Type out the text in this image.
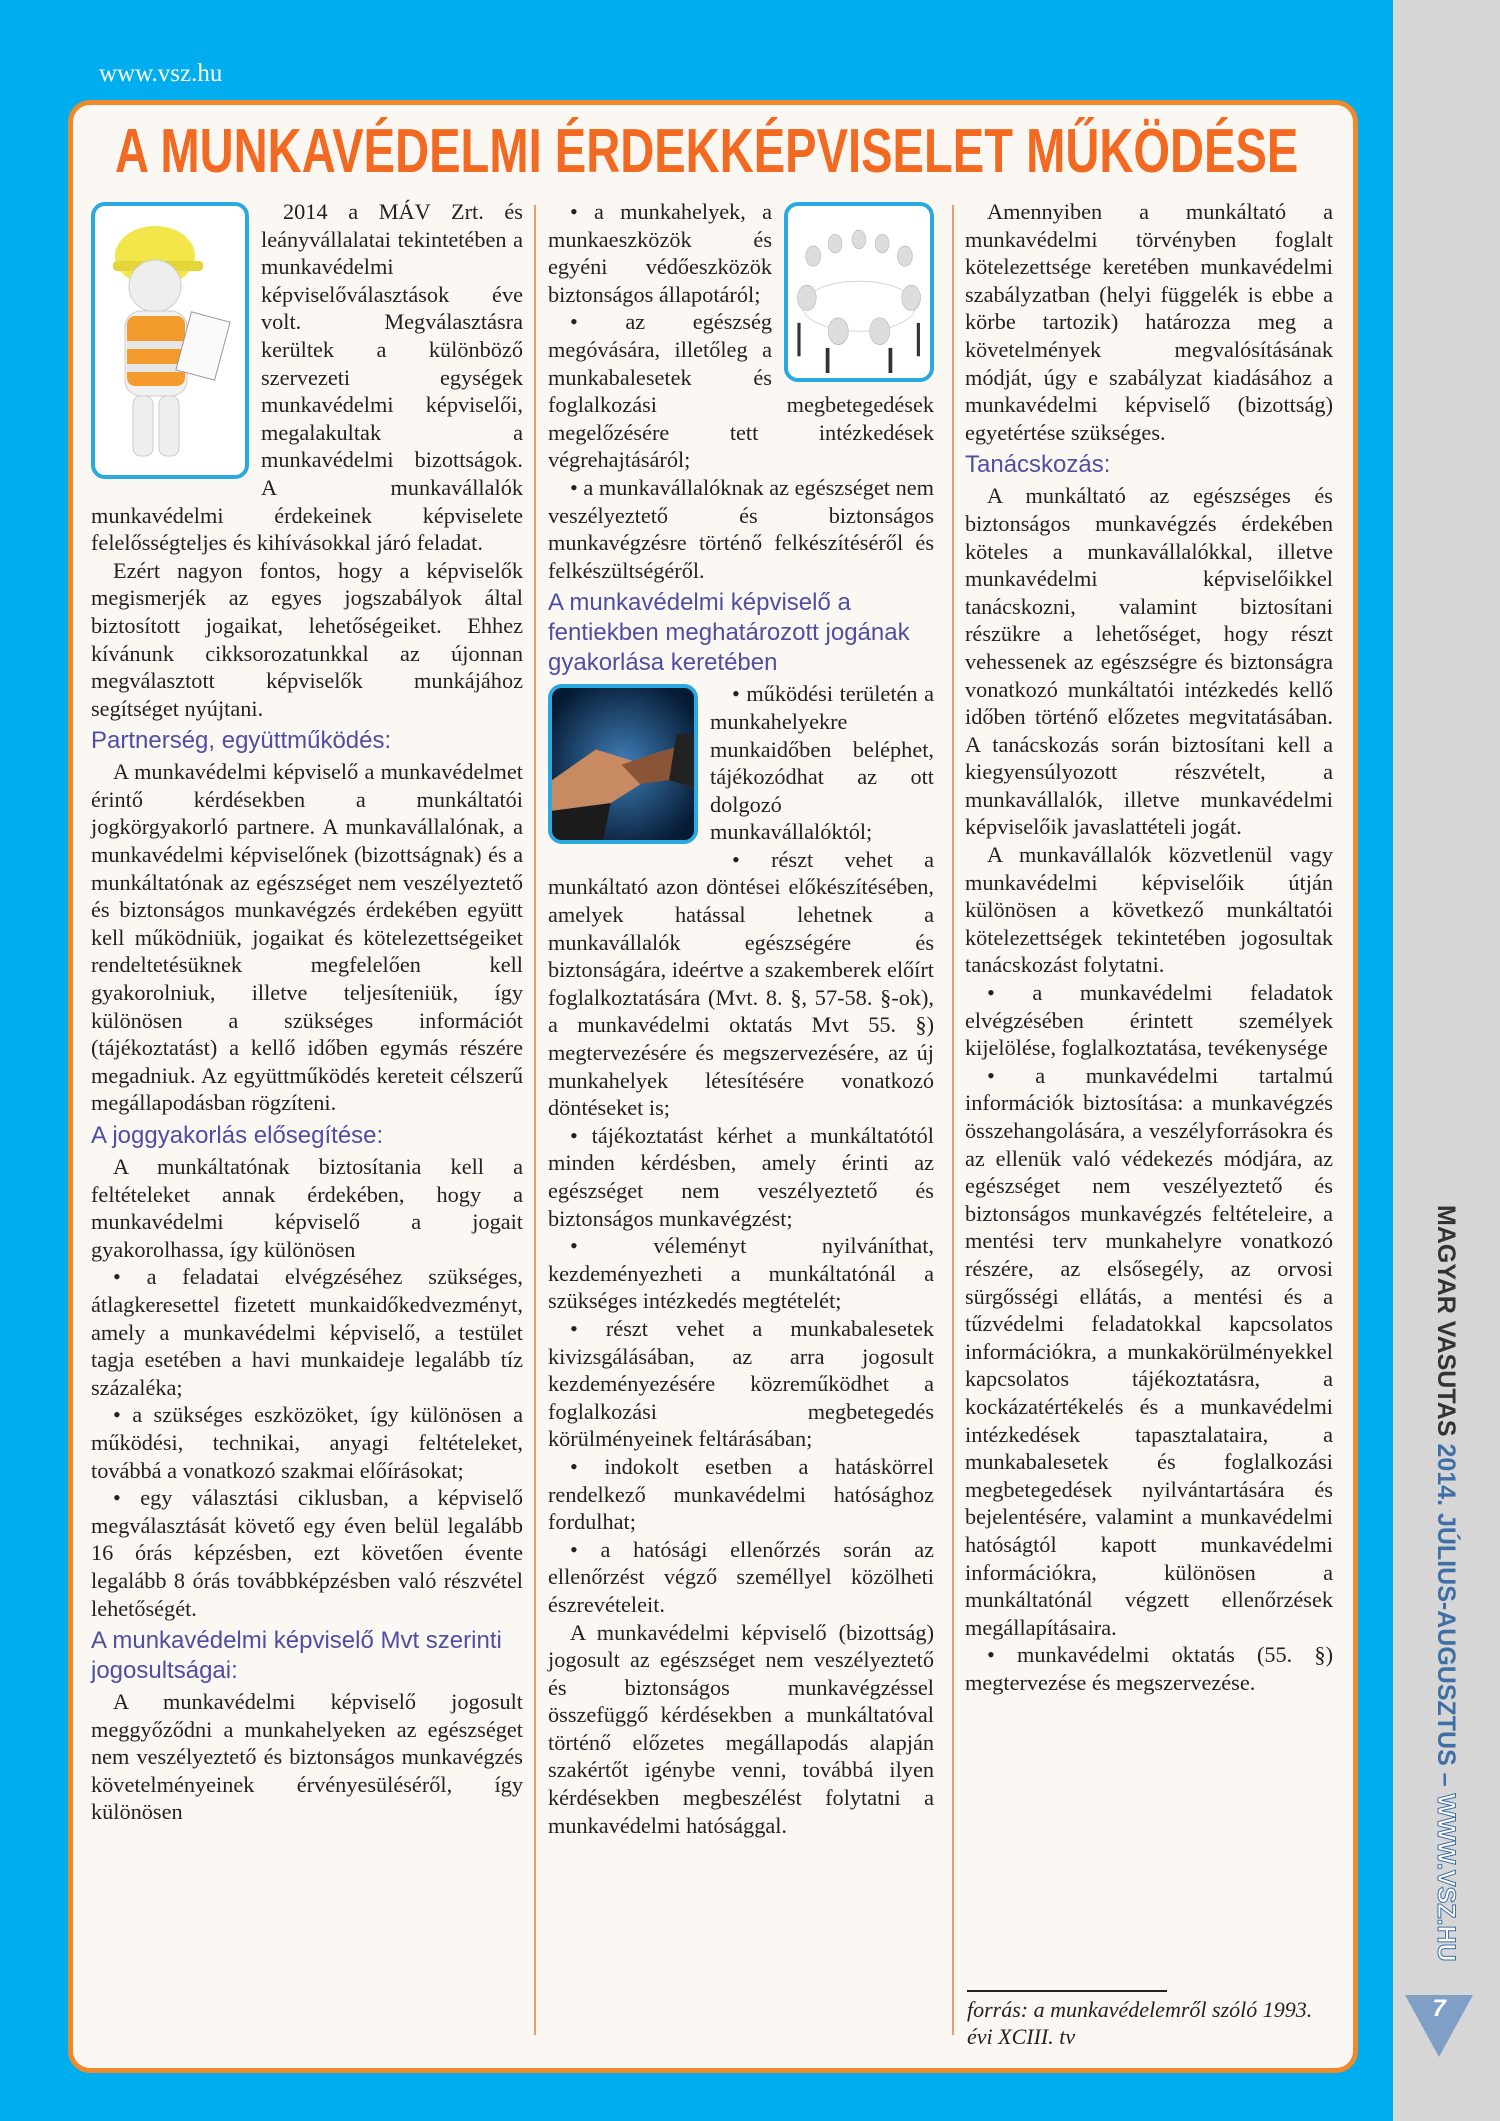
www.vsz.hu
A MUNKAVÉDELMI ÉRDEKKÉPVISELET MŰKÖDÉSE

2014 a MÁV Zrt. és leányvállalatai tekintetében a munkavédelmi képviselőválasztások éve volt. Megválasztásra kerültek a különböző szervezeti egységek munkavédelmi képviselői, megalakultak a munkavédelmi bizottságok. A munkavállalók munkavédelmi érdekeinek képviselete felelősségteljes és kihívásokkal járó feladat.

Ezért nagyon fontos, hogy a képviselők megismerjék az egyes jogszabályok által biztosított jogaikat, lehetőségeiket. Ehhez kívánunk cikksorozatunkkal az újonnan megválasztott képviselők munkájához segítséget nyújtani.

Partnerség, együttműködés:

A munkavédelmi képviselő a munkavédelmet érintő kérdésekben a munkáltatói jogkörgyakorló partnere. A munkavállalónak, a munkavédelmi képviselőnek (bizottságnak) és a munkáltatónak az egészséget nem veszélyeztető és biztonságos munkavégzés érdekében együtt kell működniük, jogaikat és kötelezettségeiket rendeltetésüknek megfelelően kell gyakorolniuk, illetve teljesíteniük, így különösen a szükséges információt (tájékoztatást) a kellő időben egymás részére megadniuk. Az együttműködés kereteit célszerű megállapodásban rögzíteni.

A joggyakorlás elősegítése:

A munkáltatónak biztosítania kell a feltételeket annak érdekében, hogy a munkavédelmi képviselő a jogait gyakorolhassa, így különösen

• a feladatai elvégzéséhez szükséges, átlagkeresettel fizetett munkaidőkedvezményt, amely a munkavédelmi képviselő, a testület tagja esetében a havi munkaideje legalább tíz százaléka;

• a szükséges eszközöket, így különösen a működési, technikai, anyagi feltételeket, továbbá a vonatkozó szakmai előírásokat;

• egy választási ciklusban, a képviselő megválasztását követő egy éven belül legalább 16 órás képzésben, ezt követően évente legalább 8 órás továbbképzésben való részvétel lehetőségét.

A munkavédelmi képviselő Mvt szerinti jogosultságai:

A munkavédelmi képviselő jogosult meggyőződni a munkahelyeken az egészséget nem veszélyeztető és biztonságos munkavégzés követelményeinek érvényesüléséről, így különösen

• a munkahelyek, a munkaeszközök és egyéni védőeszközök biztonságos állapotáról;

• az egészség megóvására, illetőleg a munkabalesetek és foglalkozási megbetegedések megelőzésére tett intézkedések végrehajtásáról;

• a munkavállalóknak az egészséget nem veszélyeztető és biztonságos munkavégzésre történő felkészítéséről és felkészültségéről.

A munkavédelmi képviselő a fentiekben meghatározott jogának gyakorlása keretében

• működési területén a munkahelyekre munkaidőben beléphet, tájékozódhat az ott dolgozó munkavállalóktól;

• részt vehet a munkáltató azon döntései előkészítésében, amelyek hatással lehetnek a munkavállalók egészségére és biztonságára, ideértve a szakemberek előírt foglalkoztatására (Mvt. 8. §, 57-58. §-ok), a munkavédelmi oktatás Mvt 55. §) megtervezésére és megszervezésére, az új munkahelyek létesítésére vonatkozó döntéseket is;

• tájékoztatást kérhet a munkáltatótól minden kérdésben, amely érinti az egészséget nem veszélyeztető és biztonságos munkavégzést;

• véleményt nyilváníthat, kezdeményezheti a munkáltatónál a szükséges intézkedés megtételét;

• részt vehet a munkabalesetek kivizsgálásában, az arra jogosult kezdeményezésére közreműködhet a foglalkozási megbetegedés körülményeinek feltárásában;

• indokolt esetben a hatáskörrel rendelkező munkavédelmi hatósághoz fordulhat;

• a hatósági ellenőrzés során az ellenőrzést végző személlyel közölheti észrevételeit.

A munkavédelmi képviselő (bizottság) jogosult az egészséget nem veszélyeztető és biztonságos munkavégzéssel összefüggő kérdésekben a munkáltatóval történő előzetes megállapodás alapján szakértőt igénybe venni, továbbá ilyen kérdésekben megbeszélést folytatni a munkavédelmi hatósággal.

Amennyiben a munkáltató a munkavédelmi törvényben foglalt kötelezettsége keretében munkavédelmi szabályzatban (helyi függelék is ebbe a körbe tartozik) határozza meg a követelmények megvalósításának módját, úgy e szabályzat kiadásához a munkavédelmi képviselő (bizottság) egyetértése szükséges.

Tanácskozás:

A munkáltató az egészséges és biztonságos munkavégzés érdekében köteles a munkavállalókkal, illetve munkavédelmi képviselőikkel tanácskozni, valamint biztosítani részükre a lehetőséget, hogy részt vehessenek az egészségre és biztonságra vonatkozó munkáltatói intézkedés kellő időben történő előzetes megvitatásában. A tanácskozás során biztosítani kell a kiegyensúlyozott részvételt, a munkavállalók, illetve munkavédelmi képviselőik javaslattételi jogát.

A munkavállalók közvetlenül vagy munkavédelmi képviselőik útján különösen a következő munkáltatói kötelezettségek tekintetében jogosultak tanácskozást folytatni.

• a munkavédelmi feladatok elvégzésében érintett személyek kijelölése, foglalkoztatása, tevékenysége

• a munkavédelmi tartalmú információk biztosítása: a munkavégzés összehangolására, a veszélyforrásokra és az ellenük való védekezés módjára, az egészséget nem veszélyeztető és biztonságos munkavégzés feltételeire, a mentési terv munkahelyre vonatkozó részére, az elsősegély, az orvosi sürgősségi ellátás, a mentési és a tűzvédelmi feladatokkal kapcsolatos információkra, a munkakörülményekkel kapcsolatos tájékoztatásra, a kockázatértékelés és a munkavédelmi intézkedések tapasztalataira, a munkabalesetek és foglalkozási megbetegedések nyilvántartására és bejelentésére, valamint a munkavédelmi hatóságtól kapott munkavédelmi információkra, különösen a munkáltatónál végzett ellenőrzések megállapításaira.

• munkavédelmi oktatás (55. §) megtervezése és megszervezése.

forrás: a munkavédelemről szóló 1993. évi XCIII. tv
MAGYAR VASUTAS 2014. JÚLIUS-AUGUSZTUS – WWW.VSZ.HU
7
